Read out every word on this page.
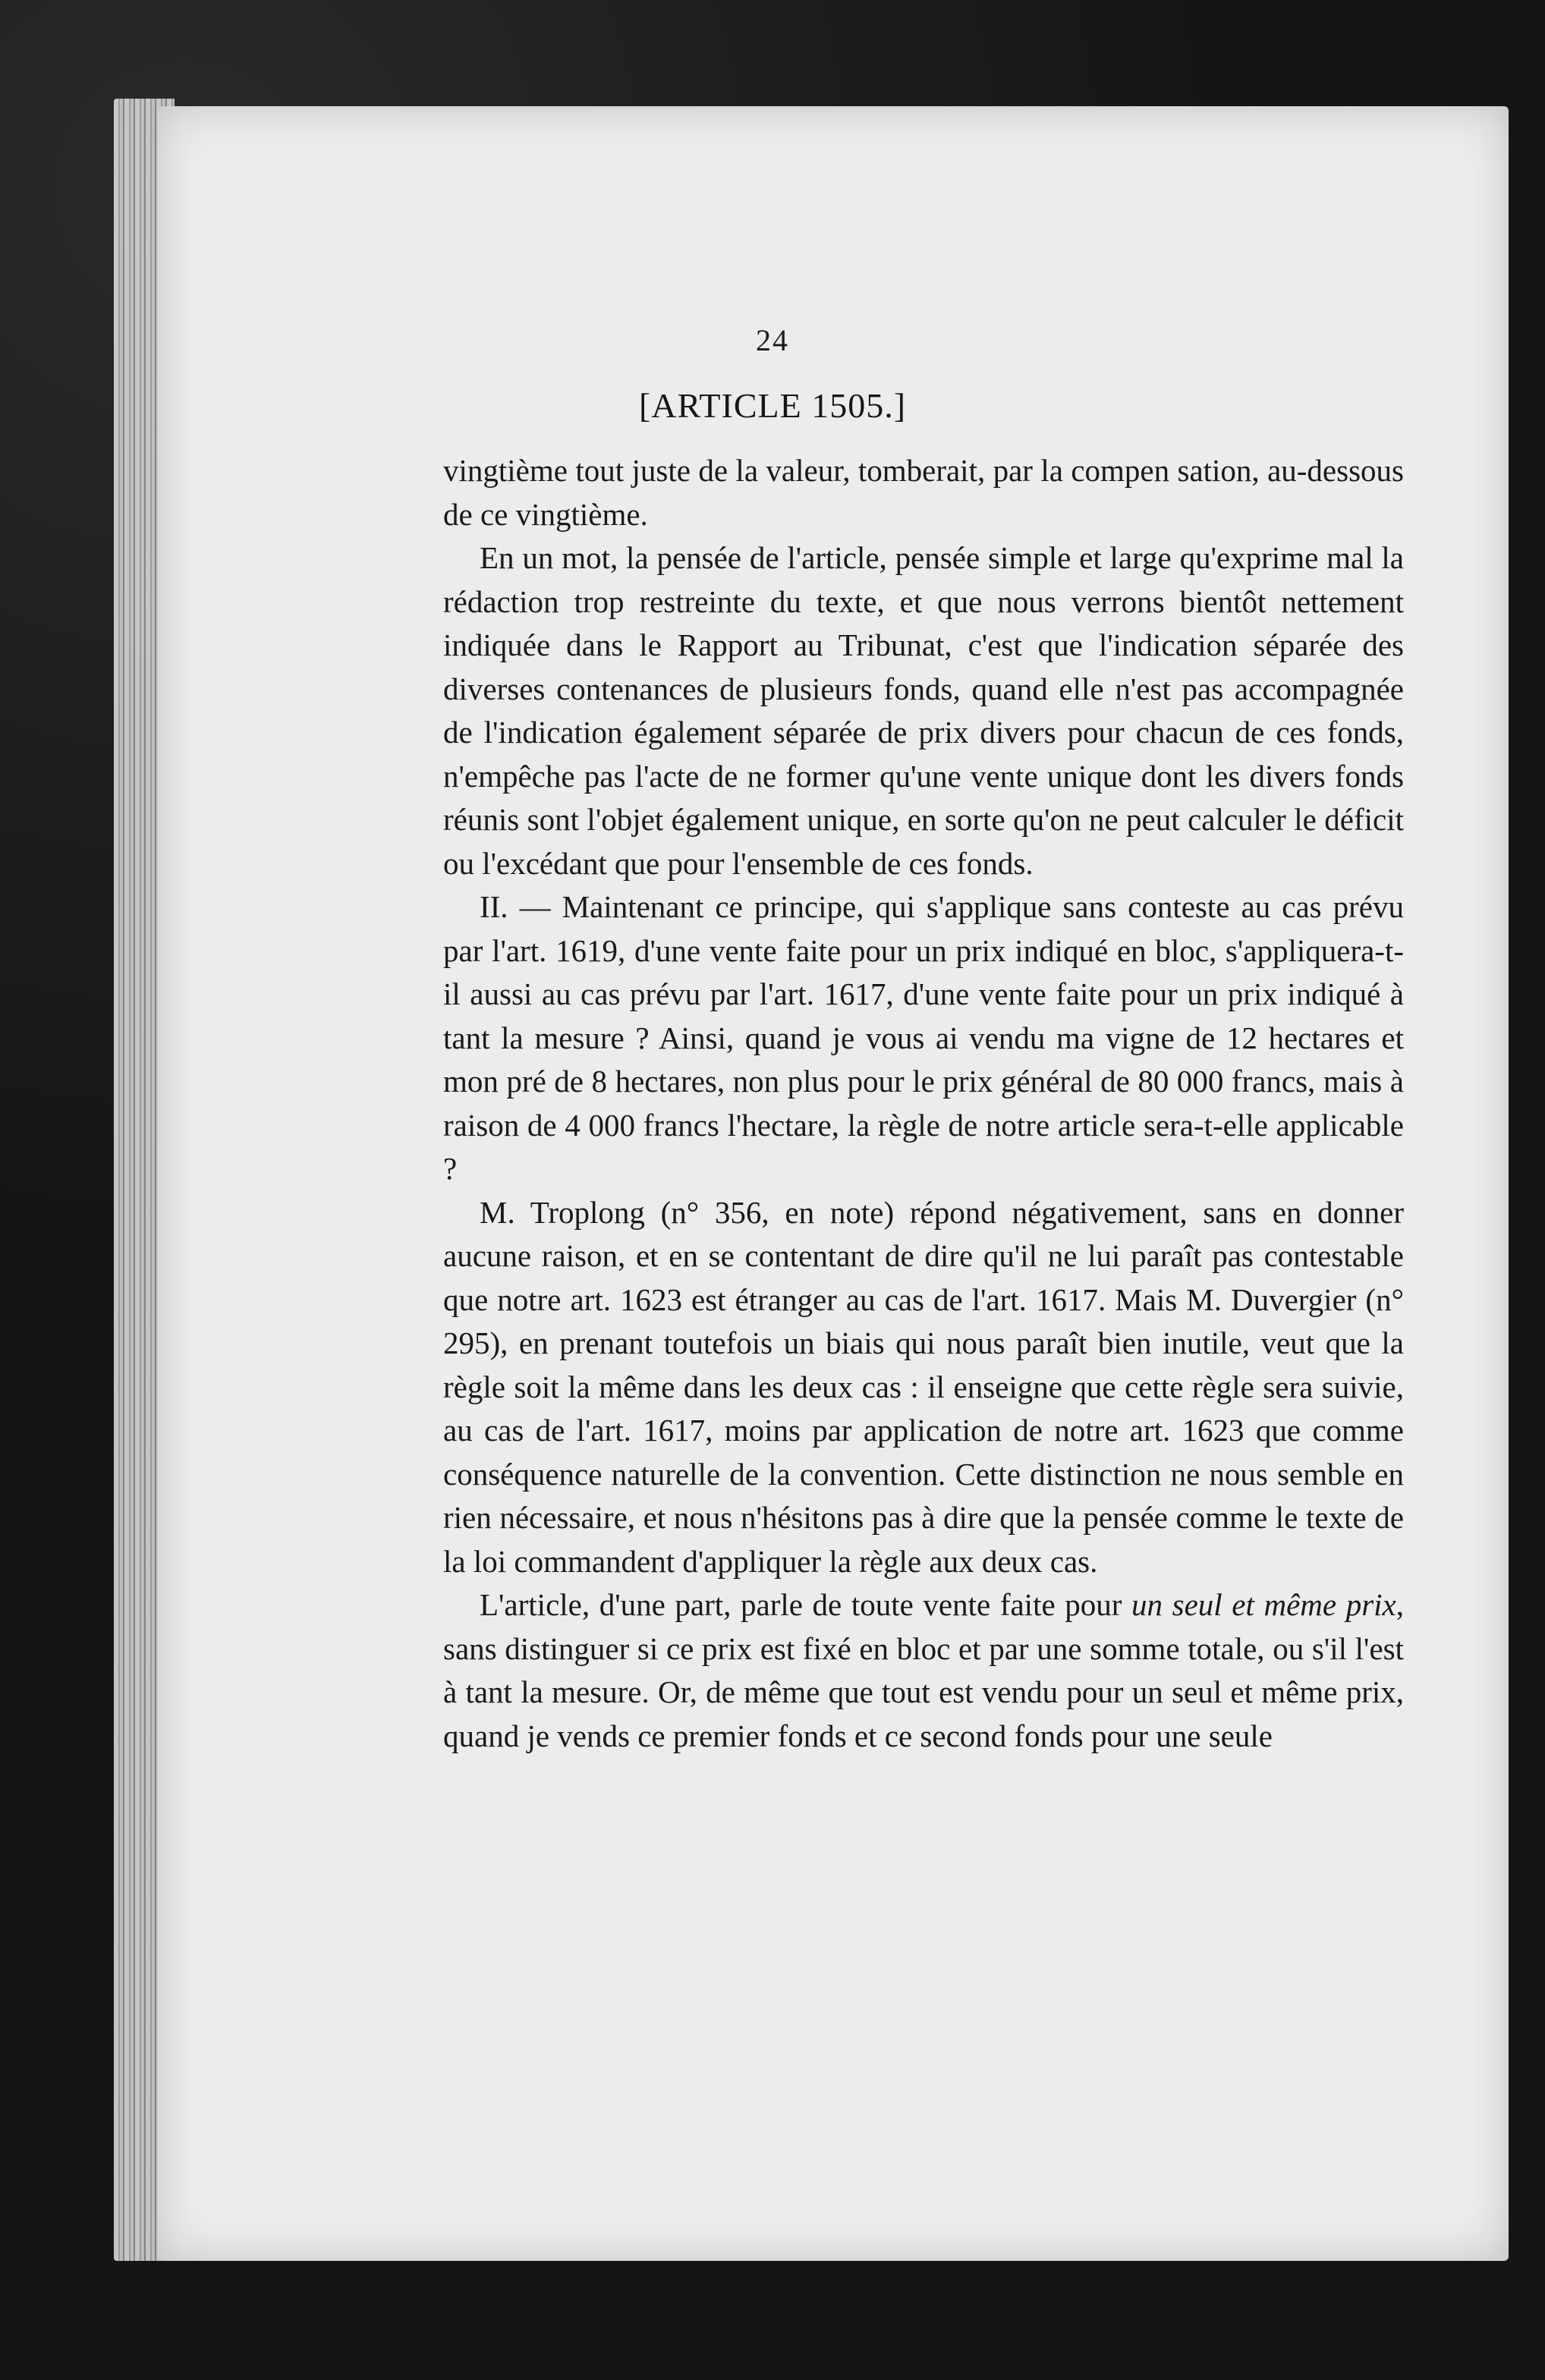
24
[ARTICLE 1505.]

vingtième tout juste de la valeur, tomberait, par la compen sation, au-dessous de ce vingtième.

En un mot, la pensée de l'article, pensée simple et large qu'exprime mal la rédaction trop restreinte du texte, et que nous verrons bientôt nettement indiquée dans le Rapport au Tribunat, c'est que l'indication séparée des diverses contenances de plusieurs fonds, quand elle n'est pas accompagnée de l'indication également séparée de prix divers pour chacun de ces fonds, n'empêche pas l'acte de ne former qu'une vente unique dont les divers fonds réunis sont l'objet également unique, en sorte qu'on ne peut calculer le déficit ou l'excédant que pour l'ensemble de ces fonds.

II. — Maintenant ce principe, qui s'applique sans conteste au cas prévu par l'art. 1619, d'une vente faite pour un prix indiqué en bloc, s'appliquera-t-il aussi au cas prévu par l'art. 1617, d'une vente faite pour un prix indiqué à tant la mesure ? Ainsi, quand je vous ai vendu ma vigne de 12 hectares et mon pré de 8 hectares, non plus pour le prix général de 80 000 francs, mais à raison de 4 000 francs l'hectare, la règle de notre article sera-t-elle applicable ?

M. Troplong (n° 356, en note) répond négativement, sans en donner aucune raison, et en se contentant de dire qu'il ne lui paraît pas contestable que notre art. 1623 est étranger au cas de l'art. 1617. Mais M. Duvergier (n° 295), en prenant toutefois un biais qui nous paraît bien inutile, veut que la règle soit la même dans les deux cas : il enseigne que cette règle sera suivie, au cas de l'art. 1617, moins par application de notre art. 1623 que comme conséquence naturelle de la convention. Cette distinction ne nous semble en rien nécessaire, et nous n'hésitons pas à dire que la pensée comme le texte de la loi commandent d'appliquer la règle aux deux cas.

L'article, d'une part, parle de toute vente faite pour un seul et même prix, sans distinguer si ce prix est fixé en bloc et par une somme totale, ou s'il l'est à tant la mesure. Or, de même que tout est vendu pour un seul et même prix, quand je vends ce premier fonds et ce second fonds pour une seule
